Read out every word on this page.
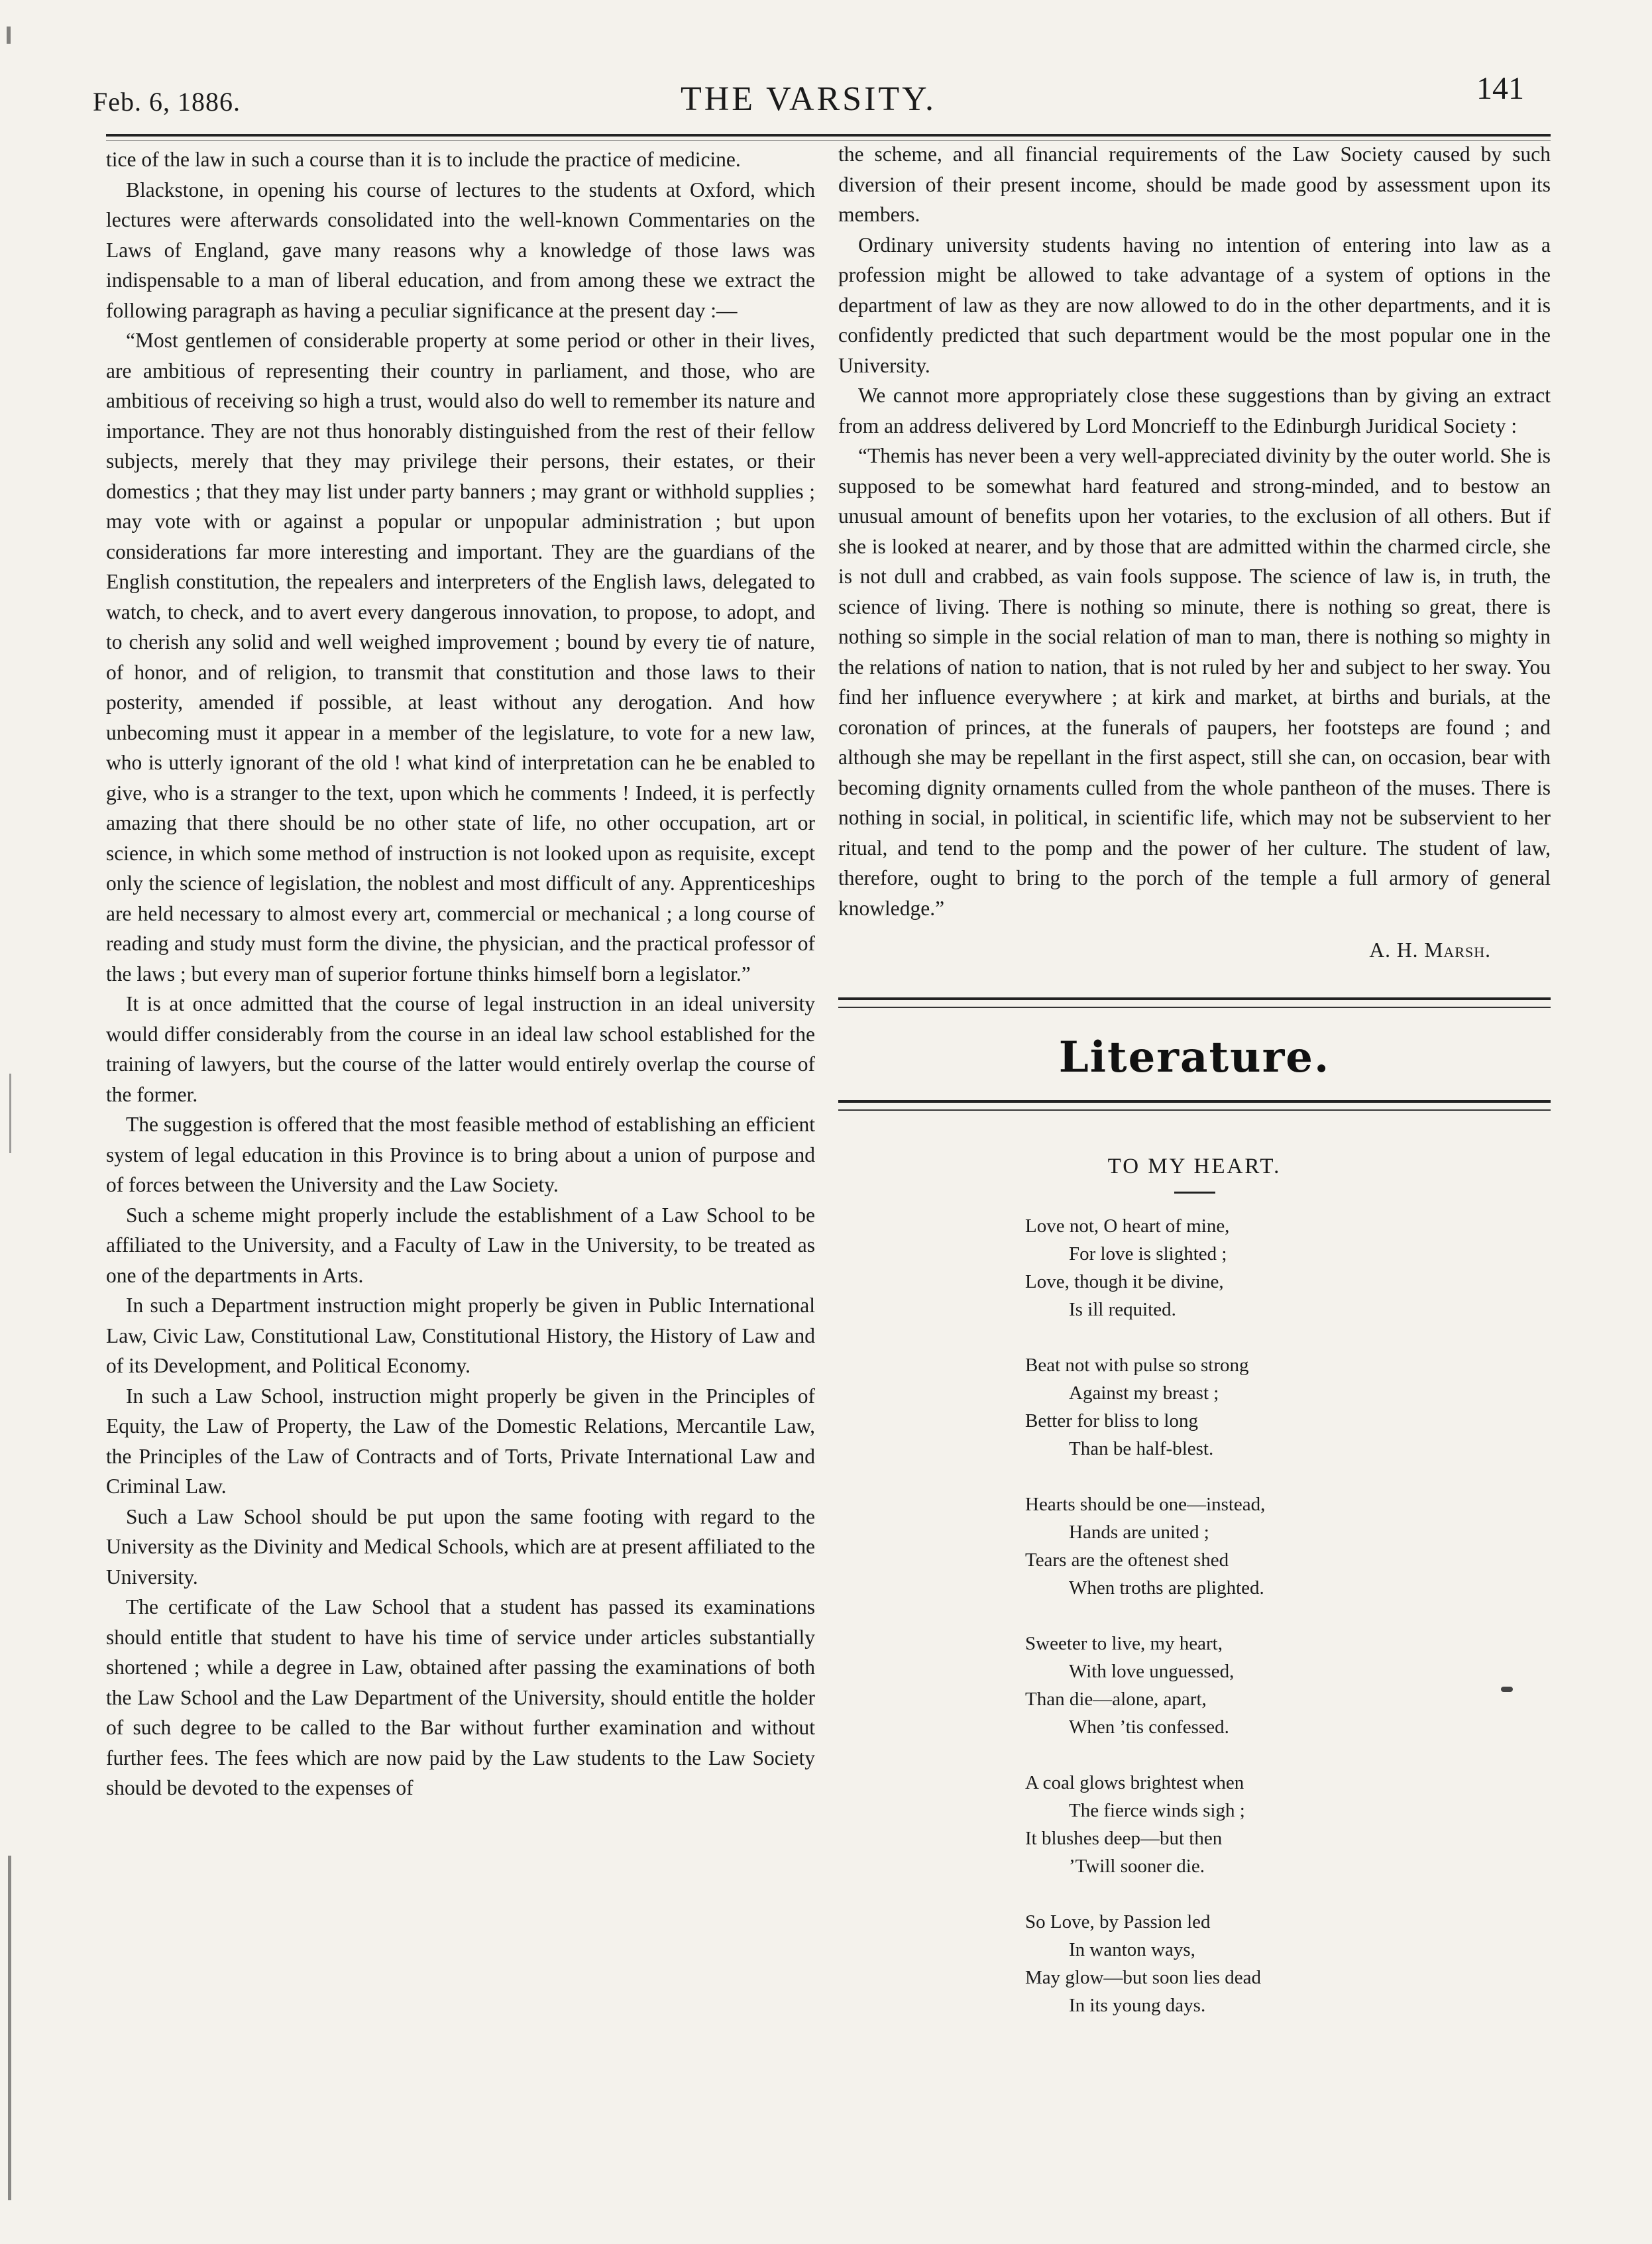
Feb. 6, 1886.	THE VARSITY.	141

tice of the law in such a course than it is to include the practice of medicine.

Blackstone, in opening his course of lectures to the students at Oxford, which lectures were afterwards consolidated into the well-known Commentaries on the Laws of England, gave many reasons why a knowledge of those laws was indispensable to a man of liberal education, and from among these we extract the following paragraph as having a peculiar significance at the present day :—

“Most gentlemen of considerable property at some period or other in their lives, are ambitious of representing their country in parliament, and those, who are ambitious of receiving so high a trust, would also do well to remember its nature and importance. They are not thus honorably distinguished from the rest of their fellow subjects, merely that they may privilege their persons, their estates, or their domestics ; that they may list under party banners ; may grant or withhold supplies ; may vote with or against a popular or unpopular administration ; but upon considerations far more interesting and important. They are the guardians of the English constitution, the repealers and interpreters of the English laws, delegated to watch, to check, and to avert every dangerous innovation, to propose, to adopt, and to cherish any solid and well weighed improvement ; bound by every tie of nature, of honor, and of religion, to transmit that constitution and those laws to their posterity, amended if possible, at least without any derogation. And how unbecoming must it appear in a member of the legislature, to vote for a new law, who is utterly ignorant of the old ! what kind of interpretation can he be enabled to give, who is a stranger to the text, upon which he comments ! Indeed, it is perfectly amazing that there should be no other state of life, no other occupation, art or science, in which some method of instruction is not looked upon as requisite, except only the science of legislation, the noblest and most difficult of any. Apprenticeships are held necessary to almost every art, commercial or mechanical ; a long course of reading and study must form the divine, the physician, and the practical professor of the laws ; but every man of superior fortune thinks himself born a legislator.”

It is at once admitted that the course of legal instruction in an ideal university would differ considerably from the course in an ideal law school established for the training of lawyers, but the course of the latter would entirely overlap the course of the former.

The suggestion is offered that the most feasible method of establishing an efficient system of legal education in this Province is to bring about a union of purpose and of forces between the University and the Law Society.

Such a scheme might properly include the establishment of a Law School to be affiliated to the University, and a Faculty of Law in the University, to be treated as one of the departments in Arts.

In such a Department instruction might properly be given in Public International Law, Civic Law, Constitutional Law, Constitutional History, the History of Law and of its Development, and Political Economy.

In such a Law School, instruction might properly be given in the Principles of Equity, the Law of Property, the Law of the Domestic Relations, Mercantile Law, the Principles of the Law of Contracts and of Torts, Private International Law and Criminal Law.

Such a Law School should be put upon the same footing with regard to the University as the Divinity and Medical Schools, which are at present affiliated to the University.

The certificate of the Law School that a student has passed its examinations should entitle that student to have his time of service under articles substantially shortened ; while a degree in Law, obtained after passing the examinations of both the Law School and the Law Department of the University, should entitle the holder of such degree to be called to the Bar without further examination and without further fees. The fees which are now paid by the Law students to the Law Society should be devoted to the expenses of

the scheme, and all financial requirements of the Law Society caused by such diversion of their present income, should be made good by assessment upon its members.

Ordinary university students having no intention of entering into law as a profession might be allowed to take advantage of a system of options in the department of law as they are now allowed to do in the other departments, and it is confidently predicted that such department would be the most popular one in the University.

We cannot more appropriately close these suggestions than by giving an extract from an address delivered by Lord Moncrieff to the Edinburgh Juridical Society :

“Themis has never been a very well-appreciated divinity by the outer world. She is supposed to be somewhat hard featured and strong-minded, and to bestow an unusual amount of benefits upon her votaries, to the exclusion of all others. But if she is looked at nearer, and by those that are admitted within the charmed circle, she is not dull and crabbed, as vain fools suppose. The science of law is, in truth, the science of living. There is nothing so minute, there is nothing so great, there is nothing so simple in the social relation of man to man, there is nothing so mighty in the relations of nation to nation, that is not ruled by her and subject to her sway. You find her influence everywhere ; at kirk and market, at births and burials, at the coronation of princes, at the funerals of paupers, her footsteps are found ; and although she may be repellant in the first aspect, still she can, on occasion, bear with becoming dignity ornaments culled from the whole pantheon of the muses. There is nothing in social, in political, in scientific life, which may not be subservient to her ritual, and tend to the pomp and the power of her culture. The student of law, therefore, ought to bring to the porch of the temple a full armory of general knowledge.”

A. H. Marsh.

Literature.
TO MY HEART.
Love not, O heart of mine,
For love is slighted ;
Love, though it be divine,
Is ill requited.
Beat not with pulse so strong
Against my breast ;
Better for bliss to long
Than be half-blest.
Hearts should be one—instead,
Hands are united ;
Tears are the oftenest shed
When troths are plighted.
Sweeter to live, my heart,
With love unguessed,
Than die—alone, apart,
When ’tis confessed.
A coal glows brightest when
The fierce winds sigh ;
It blushes deep—but then
’Twill sooner die.
So Love, by Passion led
In wanton ways,
May glow—but soon lies dead
In its young days.
